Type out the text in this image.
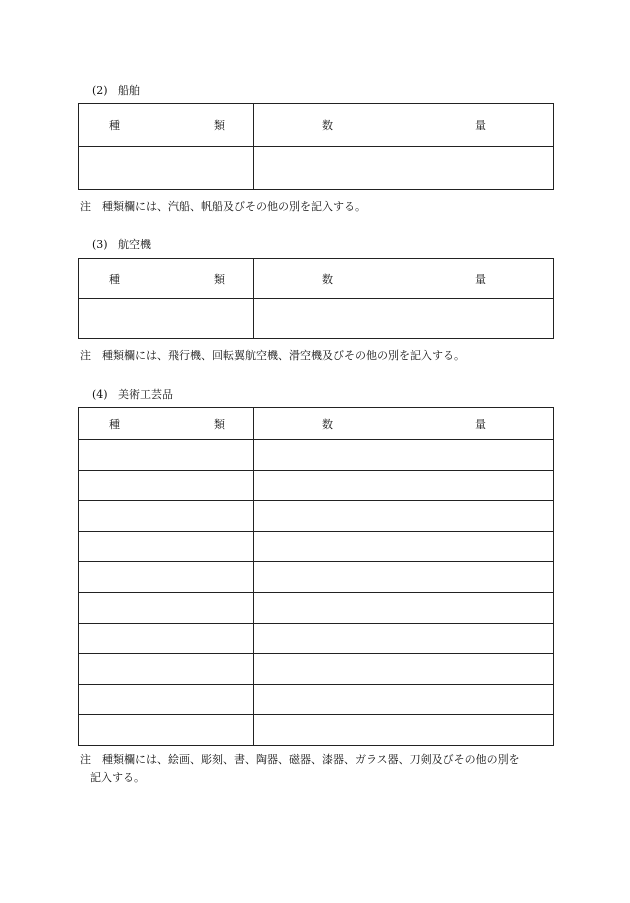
(2) 船舶
種 類	数 量

注	種類欄には、汽船、帆船及びその他の別を記入する。
(3) 航空機
種 類	数 量

注	種類欄には、飛行機、回転翼航空機、滑空機及びその他の別を記入する。
(4) 美術工芸品
種 類	数 量

注	種類欄には、絵画、彫刻、書、陶器、磁器、漆器、ガラス器、刀剣及びその他の別を
記入する。
